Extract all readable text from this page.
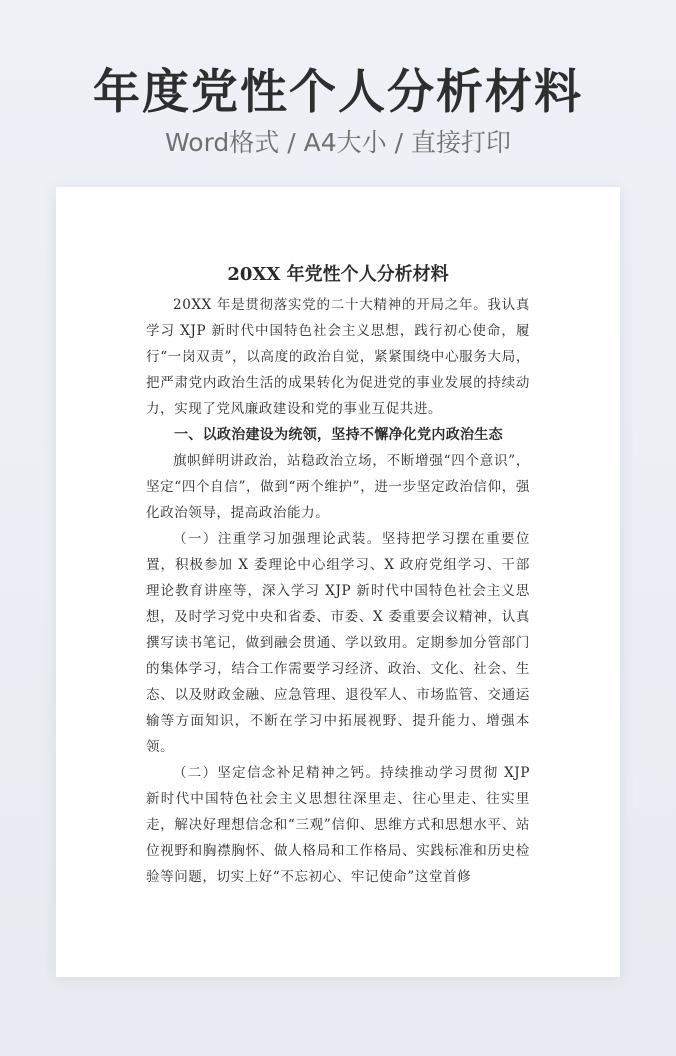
年度党性个人分析材料
Word格式 / A4大小 / 直接打印
20XX 年党性个人分析材料

20XX 年是贯彻落实党的二十大精神的开局之年。我认真学习 XJP 新时代中国特色社会主义思想，践行初心使命，履行“一岗双责”，以高度的政治自觉，紧紧围绕中心服务大局，把严肃党内政治生活的成果转化为促进党的事业发展的持续动力，实现了党风廉政建设和党的事业互促共进。

一、以政治建设为统领，坚持不懈净化党内政治生态

旗帜鲜明讲政治，站稳政治立场，不断增强“四个意识”，坚定“四个自信”，做到“两个维护”，进一步坚定政治信仰，强化政治领导，提高政治能力。

（一）注重学习加强理论武装。坚持把学习摆在重要位置，积极参加 X 委理论中心组学习、X 政府党组学习、干部理论教育讲座等，深入学习 XJP 新时代中国特色社会主义思想，及时学习党中央和省委、市委、X 委重要会议精神，认真撰写读书笔记，做到融会贯通、学以致用。定期参加分管部门的集体学习，结合工作需要学习经济、政治、文化、社会、生态、以及财政金融、应急管理、退役军人、市场监管、交通运输等方面知识，不断在学习中拓展视野、提升能力、增强本领。

（二）坚定信念补足精神之钙。持续推动学习贯彻 XJP 新时代中国特色社会主义思想往深里走、往心里走、往实里走，解决好理想信念和“三观”信仰、思维方式和思想水平、站位视野和胸襟胸怀、做人格局和工作格局、实践标准和历史检验等问题，切实上好“不忘初心、牢记使命”这堂首修
